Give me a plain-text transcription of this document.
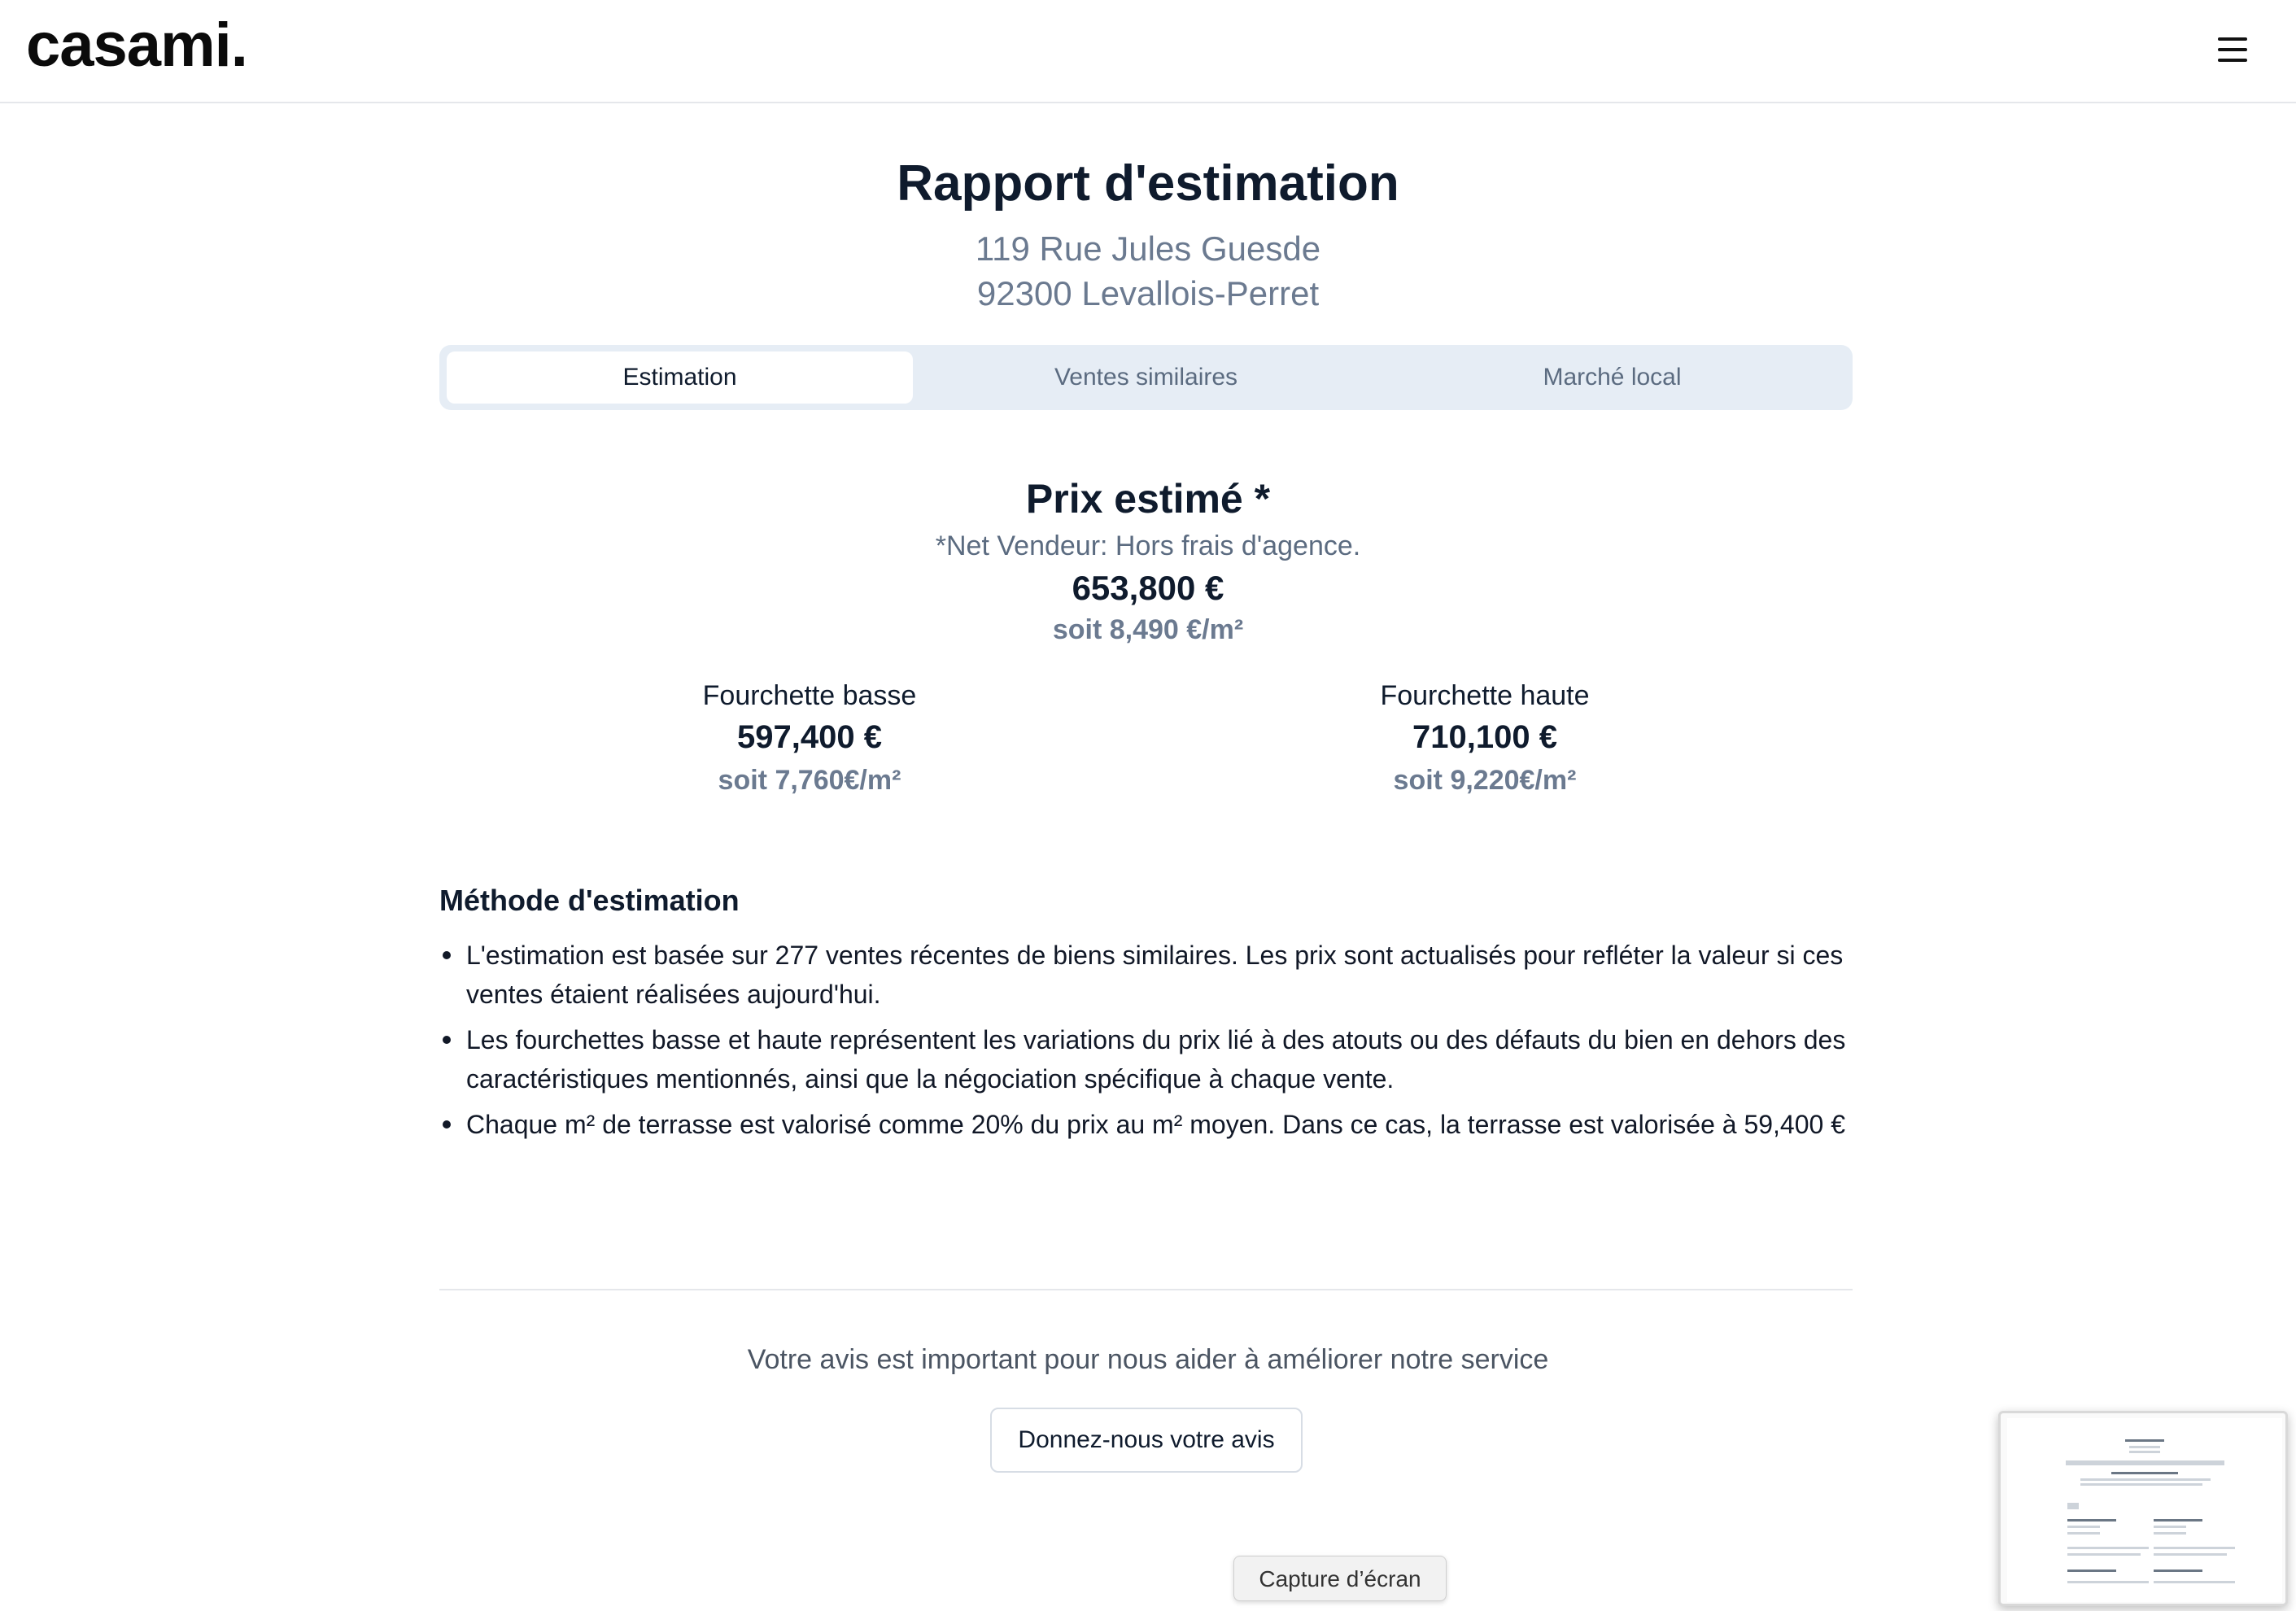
casami.
Rapport d'estimation
119 Rue Jules Guesde
92300 Levallois-Perret
Estimation	Ventes similaires	Marché local
Prix estimé *
*Net Vendeur: Hors frais d'agence.
653,800 €
soit 8,490 €/m²
Fourchette basse
597,400 €
soit 7,760€/m²
Fourchette haute
710,100 €
soit 9,220€/m²
Méthode d'estimation
L'estimation est basée sur 277 ventes récentes de biens similaires. Les prix sont actualisés pour refléter la valeur si ces ventes étaient réalisées aujourd'hui.
Les fourchettes basse et haute représentent les variations du prix lié à des atouts ou des défauts du bien en dehors des caractéristiques mentionnés, ainsi que la négociation spécifique à chaque vente.
Chaque m² de terrasse est valorisé comme 20% du prix au m² moyen. Dans ce cas, la terrasse est valorisée à 59,400 €
Votre avis est important pour nous aider à améliorer notre service
Donnez-nous votre avis
Capture d’écran
